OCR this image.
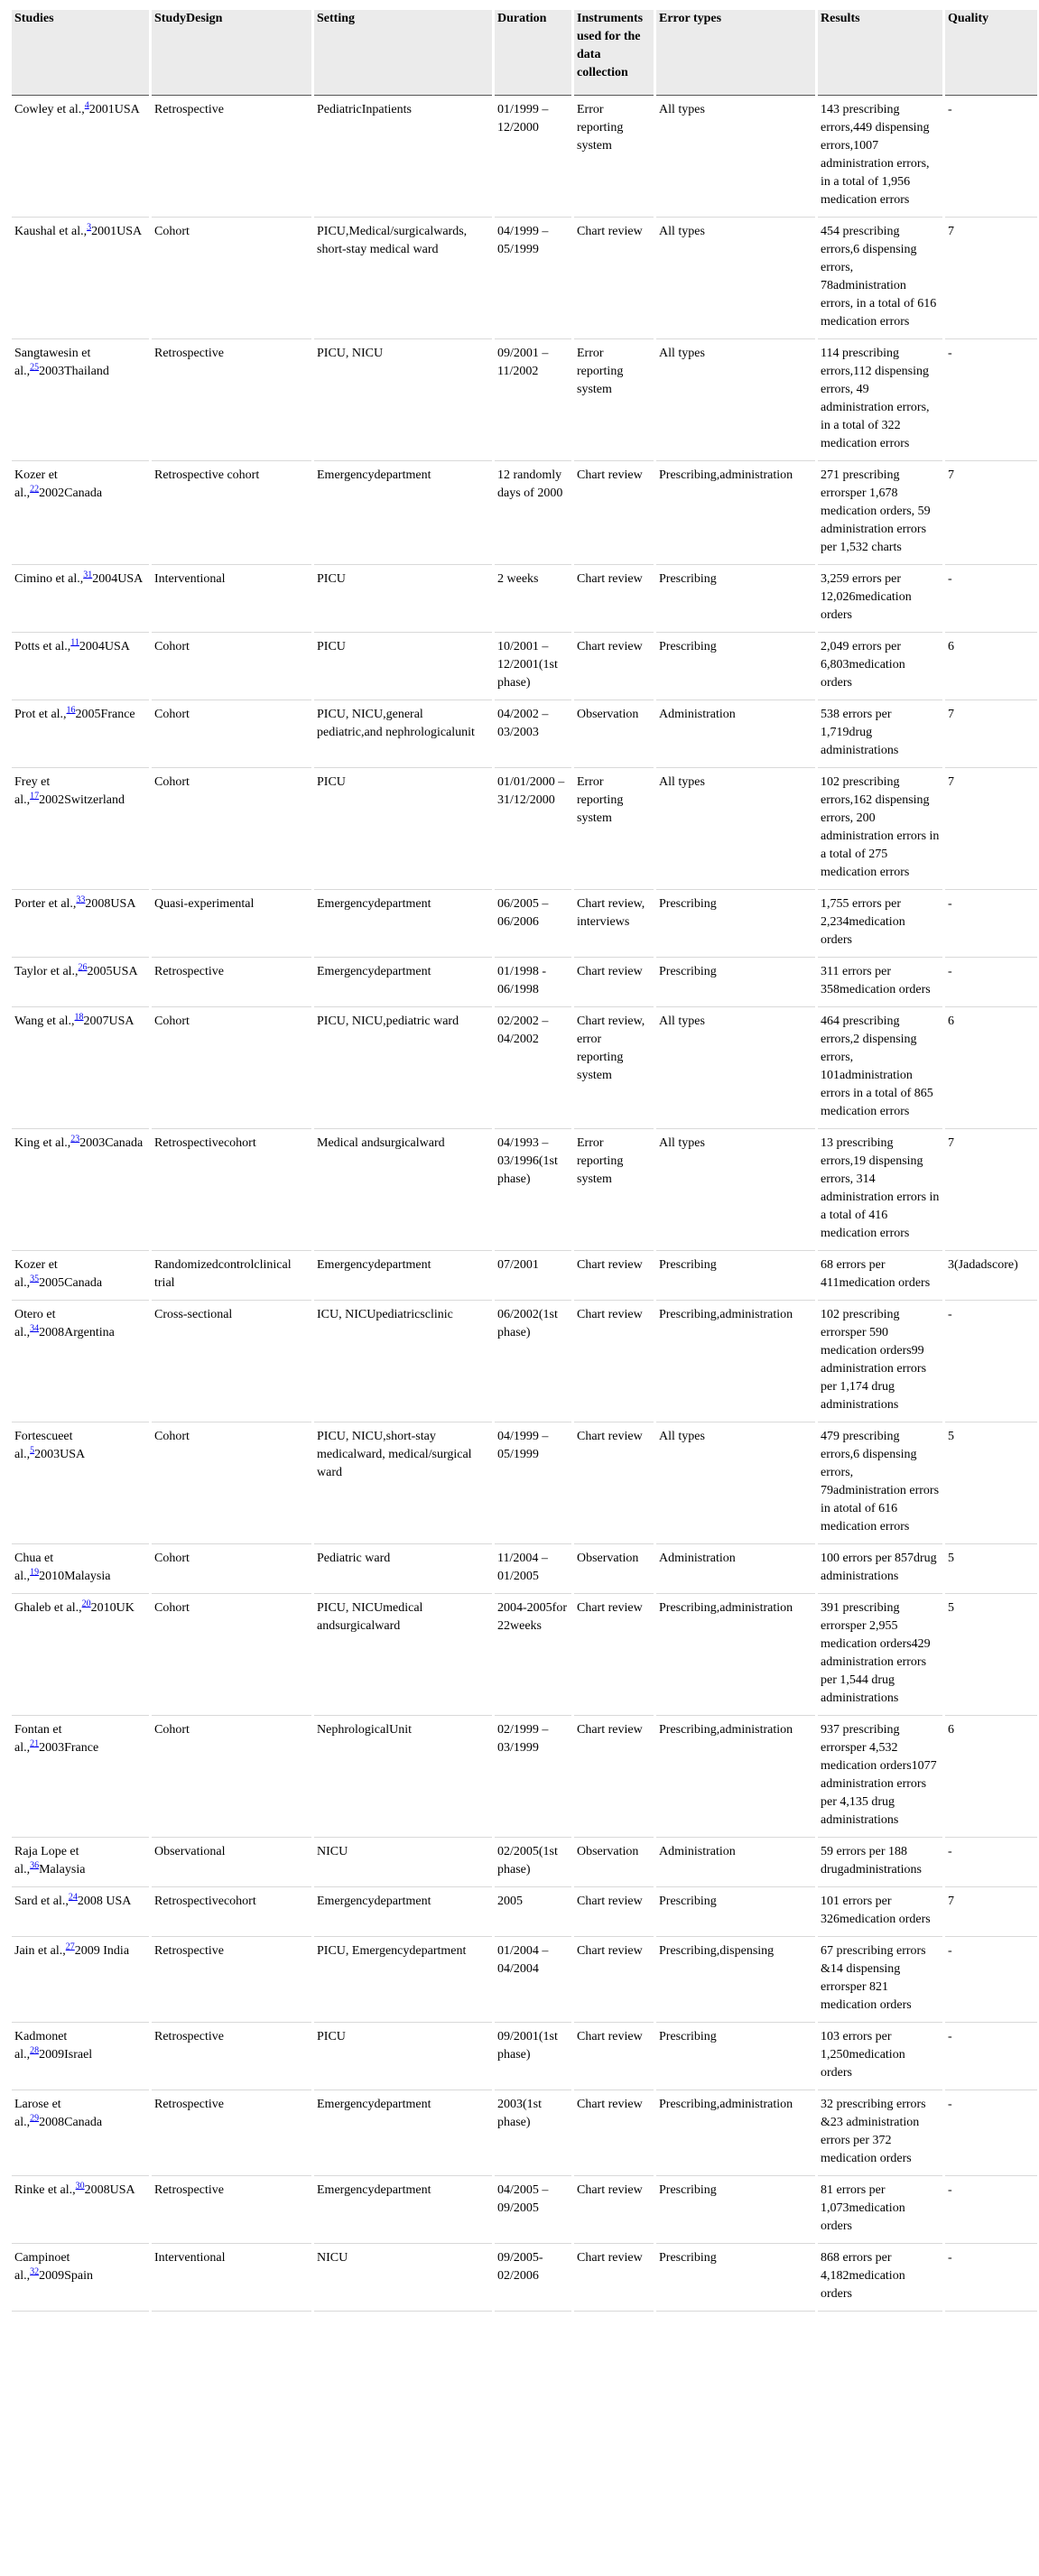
Studies	StudyDesign	Setting	Duration	Instruments used for the data collection	Error types	Results	Quality
Cowley et al.,$^4$2001USA	Retrospective	PediatricInpatients	01/1999 – 12/2000	Error reporting system	All types	143 prescribing errors,449 dispensing errors,1007 administration errors, in a total of 1,956 medication errors	-
Kaushal et al.,$^3$2001USA	Cohort	PICU,Medical/surgicalwards, short-stay medical ward	04/1999 – 05/1999	Chart review	All types	454 prescribing errors,6 dispensing errors, 78administration errors, in a total of 616 medication errors	7
Sangtawesin et al.,$^{25}$2003Thailand	Retrospective	PICU, NICU	09/2001 – 11/2002	Error reporting system	All types	114 prescribing errors,112 dispensing errors, 49 administration errors, in a total of 322 medication errors	-
Kozer et al.,$^{22}$2002Canada	Retrospective cohort	Emergencydepartment	12 randomly days of 2000	Chart review	Prescribing,administration	271 prescribing errorsper 1,678 medication orders, 59 administration errors per 1,532 charts	7
Cimino et al.,$^{31}$2004USA	Interventional	PICU	2 weeks	Chart review	Prescribing	3,259 errors per 12,026medication orders	-
Potts et al.,$^{11}$2004USA	Cohort	PICU	10/2001 – 12/2001(1st phase)	Chart review	Prescribing	2,049 errors per 6,803medication orders	6
Prot et al.,$^{16}$2005France	Cohort	PICU, NICU,general pediatric,and nephrologicalunit	04/2002 – 03/2003	Observation	Administration	538 errors per 1,719drug administrations	7
Frey et al.,$^{17}$2002Switzerland	Cohort	PICU	01/01/2000 – 31/12/2000	Error reporting system	All types	102 prescribing errors,162 dispensing errors, 200 administration errors in a total of 275 medication errors	7
Porter et al.,$^{33}$2008USA	Quasi-experimental	Emergencydepartment	06/2005 – 06/2006	Chart review, interviews	Prescribing	1,755 errors per 2,234medication orders	-
Taylor et al.,$^{26}$2005USA	Retrospective	Emergencydepartment	01/1998 - 06/1998	Chart review	Prescribing	311 errors per 358medication orders	-
Wang et al.,$^{18}$2007USA	Cohort	PICU, NICU,pediatric ward	02/2002 – 04/2002	Chart review, error reporting system	All types	464 prescribing errors,2 dispensing errors, 101administration errors in a total of 865 medication errors	6
King et al.,$^{23}$2003Canada	Retrospectivecohort	Medical andsurgicalward	04/1993 – 03/1996(1st phase)	Error reporting system	All types	13 prescribing errors,19 dispensing errors, 314 administration errors in a total of 416 medication errors	7
Kozer et al.,$^{35}$2005Canada	Randomizedcontrolclinical trial	Emergencydepartment	07/2001	Chart review	Prescribing	68 errors per 411medication orders	3(Jadadscore)
Otero et al.,$^{34}$2008Argentina	Cross-sectional	ICU, NICUpediatricsclinic	06/2002(1st phase)	Chart review	Prescribing,administration	102 prescribing errorsper 590 medication orders99 administration errors per 1,174 drug administrations	-
Fortescueet al.,$^5$2003USA	Cohort	PICU, NICU,short-stay medicalward, medical/surgical ward	04/1999 – 05/1999	Chart review	All types	479 prescribing errors,6 dispensing errors, 79administration errors in atotal of 616 medication errors	5
Chua et al.,$^{19}$2010Malaysia	Cohort	Pediatric ward	11/2004 – 01/2005	Observation	Administration	100 errors per 857drug administrations	5
Ghaleb et al.,$^{20}$2010UK	Cohort	PICU, NICUmedical andsurgicalward	2004-2005for 22weeks	Chart review	Prescribing,administration	391 prescribing errorsper 2,955 medication orders429 administration errors per 1,544 drug administrations	5
Fontan et al.,$^{21}$2003France	Cohort	NephrologicalUnit	02/1999 – 03/1999	Chart review	Prescribing,administration	937 prescribing errorsper 4,532 medication orders1077 administration errors per 4,135 drug administrations	6
Raja Lope et al.,$^{36}$Malaysia	Observational	NICU	02/2005(1st phase)	Observation	Administration	59 errors per 188 drugadministrations	-
Sard et al.,$^{24}$2008 USA	Retrospectivecohort	Emergencydepartment	2005	Chart review	Prescribing	101 errors per 326medication orders	7
Jain et al.,$^{27}$2009 India	Retrospective	PICU, Emergencydepartment	01/2004 – 04/2004	Chart review	Prescribing,dispensing	67 prescribing errors &14 dispensing errorsper 821 medication orders	-
Kadmonet al.,$^{28}$2009Israel	Retrospective	PICU	09/2001(1st phase)	Chart review	Prescribing	103 errors per 1,250medication orders	-
Larose et al.,$^{29}$2008Canada	Retrospective	Emergencydepartment	2003(1st phase)	Chart review	Prescribing,administration	32 prescribing errors &23 administration errors per 372 medication orders	-
Rinke et al.,$^{30}$2008USA	Retrospective	Emergencydepartment	04/2005 – 09/2005	Chart review	Prescribing	81 errors per 1,073medication orders	-
Campinoet al.,$^{32}$2009Spain	Interventional	NICU	09/2005-02/2006	Chart review	Prescribing	868 errors per 4,182medication orders	-
